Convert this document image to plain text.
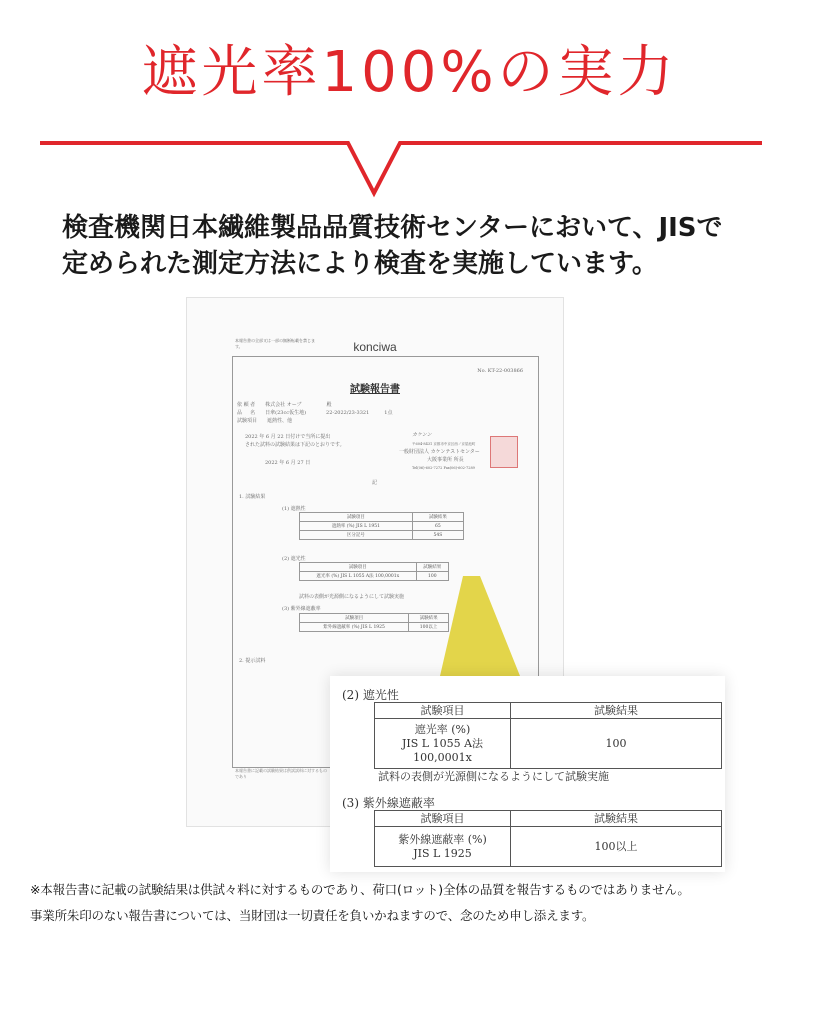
遮光率100%の実力
検査機関日本繊維製品品質技術センターにおいて、JISで
定められた測定方法により検査を実施しています。
本報告書の全部又は一部の無断転載を禁じます。	konciwa
No. KT-22-003866
試験報告書
依 頼 者　　株式会社 オーブ　　　　　殿
品 　 名　　日傘(23cc仮生地)　　　　22-2022/23-3321　　　1点
試験項目　　遮熱性、他
2022 年 6 月 22 日付けで当所に提出
された試料の試験結果は下記のとおりです。
2022 年 6 月 27 日
カケンン
〒604-8431 京都市中京区西ノ京星池町
一般財団法人 カケンテストセンター
大阪事業所 所長
Tel(06)-602-7272 Fax(06)-602-7289
記
1. 試験結果
(1) 遮熱性
試験項目	試験結果
遮熱率 (%) JIS L 1951	65
区分記号	54S
(2) 遮光性
試験項目	試験結果
遮光率 (%) JIS L 1055 A法 100,0001x	100
試料の表側が光源側になるようにして試験実施
(3) 紫外線遮蔽率
試験項目	試験結果
紫外線遮蔽率 (%) JIS L 1925	100以上
2. 提示試料
本報告書に記載の試験結果は供試試料に対するものであり
(2) 遮光性
試験項目	試験結果

遮光率 (%)
JIS L 1055 A法
100,0001x	100
試料の表側が光源側になるようにして試験実施
(3) 紫外線遮蔽率
試験項目	試験結果

紫外線遮蔽率 (%)
JIS L 1925	100以上
※本報告書に記載の試験結果は供試々料に対するものであり、荷口(ロット)全体の品質を報告するものではありません。
事業所朱印のない報告書については、当財団は一切責任を負いかねますので、念のため申し添えます。
